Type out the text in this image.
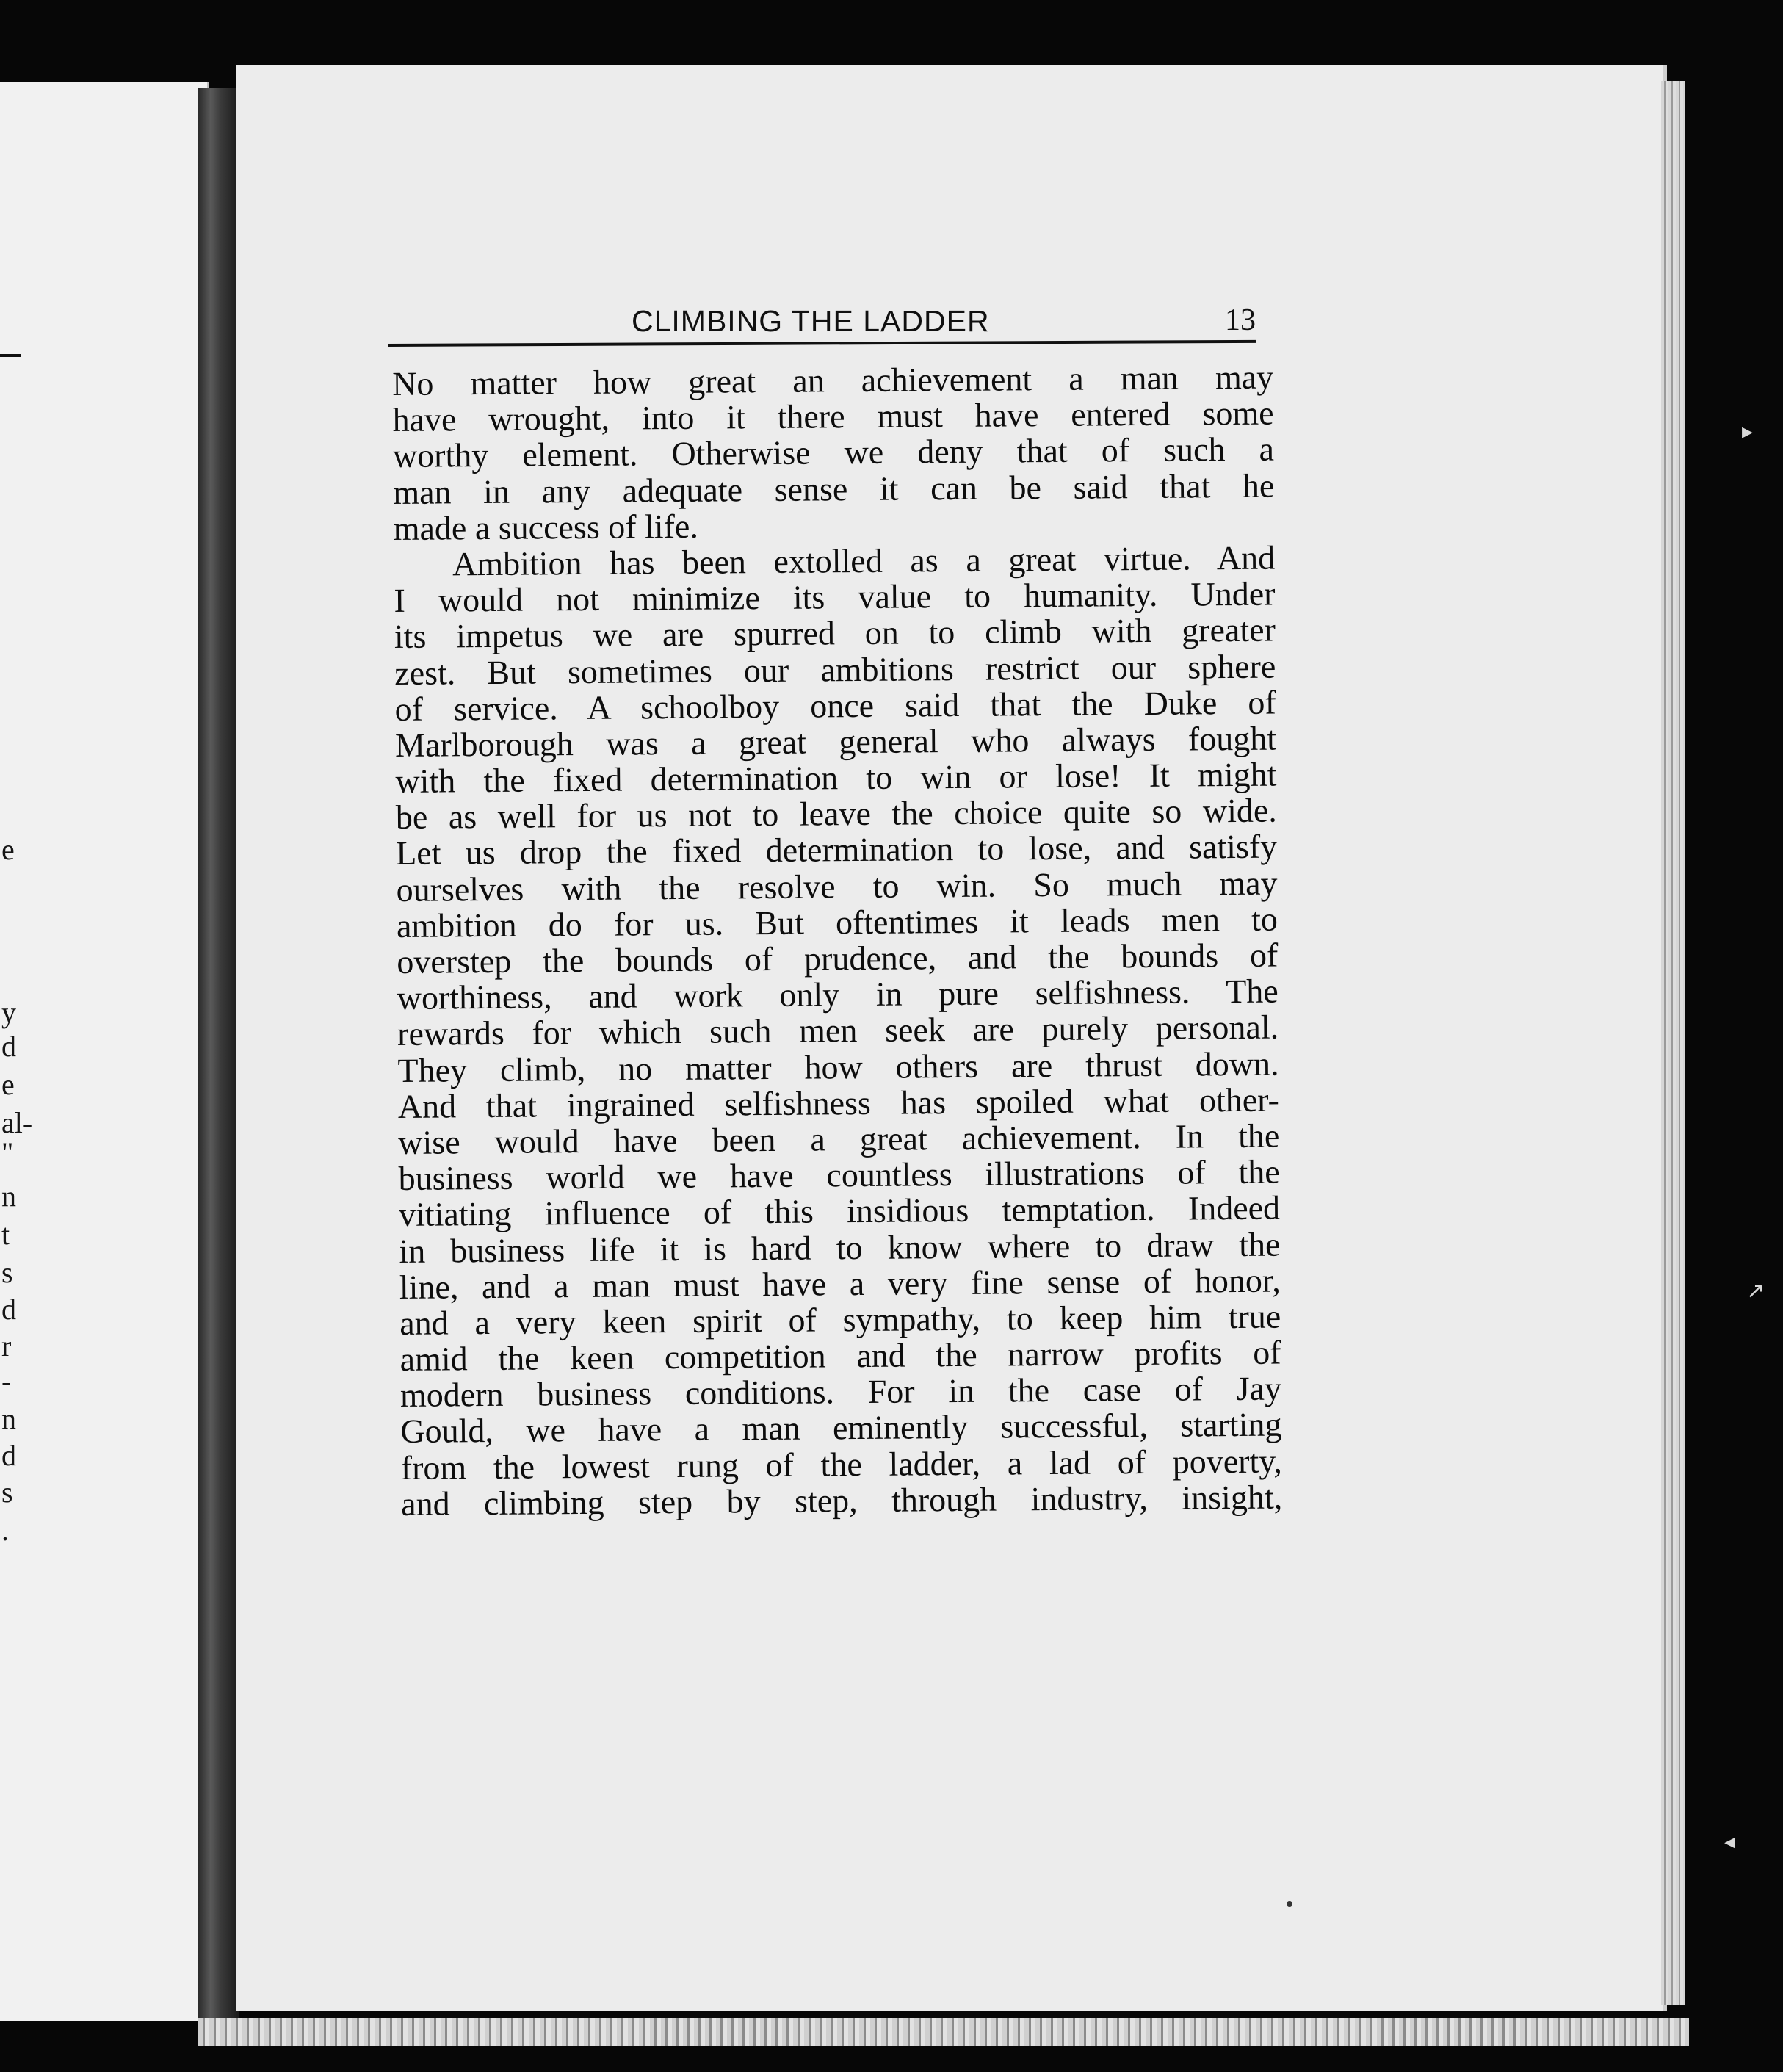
e
y
d
e
al-
"
n
t
s
d
r
-
n
d
s
.
CLIMBING THE LADDER	13
No matter how great an achievement a man may
have wrought, into it there must have entered some
worthy element. Otherwise we deny that of such a
man in any adequate sense it can be said that he
made a success of life.
Ambition has been extolled as a great virtue. And
I would not minimize its value to humanity. Under
its impetus we are spurred on to climb with greater
zest. But sometimes our ambitions restrict our sphere
of service. A schoolboy once said that the Duke of
Marlborough was a great general who always fought
with the fixed determination to win or lose! It might
be as well for us not to leave the choice quite so wide.
Let us drop the fixed determination to lose, and satisfy
ourselves with the resolve to win. So much may
ambition do for us. But oftentimes it leads men to
overstep the bounds of prudence, and the bounds of
worthiness, and work only in pure selfishness. The
rewards for which such men seek are purely personal.
They climb, no matter how others are thrust down.
And that ingrained selfishness has spoiled what other-
wise would have been a great achievement. In the
business world we have countless illustrations of the
vitiating influence of this insidious temptation. Indeed
in business life it is hard to know where to draw the
line, and a man must have a very fine sense of honor,
and a very keen spirit of sympathy, to keep him true
amid the keen competition and the narrow profits of
modern business conditions. For in the case of Jay
Gould, we have a man eminently successful, starting
from the lowest rung of the ladder, a lad of poverty,
and climbing step by step, through industry, insight,
▸
↗
◂
